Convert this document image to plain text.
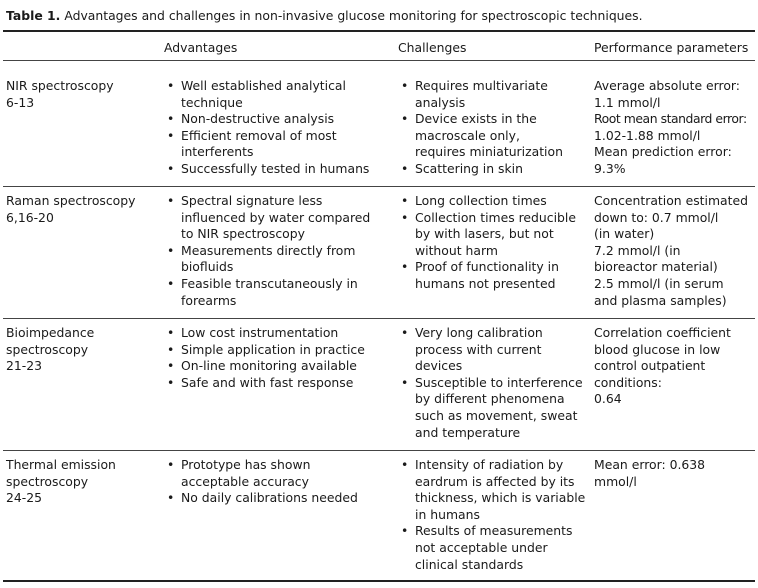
Table 1. Advantages and challenges in non-invasive glucose monitoring for spectroscopic techniques.
Advantages	Challenges	Performance parameters
NIR spectroscopy
6-13
• Well established analytical
technique
• Non-destructive analysis
• Efficient removal of most
interferents
• Successfully tested in humans
• Requires multivariate
analysis
• Device exists in the
macroscale only,
requires miniaturization
• Scattering in skin
Average absolute error:
1.1 mmol/l
Root mean standard error:
1.02-1.88 mmol/l
Mean prediction error:
9.3%
Raman spectroscopy
6,16-20
• Spectral signature less
influenced by water compared
to NIR spectroscopy
• Measurements directly from
biofluids
• Feasible transcutaneously in
forearms
• Long collection times
• Collection times reducible
by with lasers, but not
without harm
• Proof of functionality in
humans not presented
Concentration estimated
down to: 0.7 mmol/l
(in water)
7.2 mmol/l (in
bioreactor material)
2.5 mmol/l (in serum
and plasma samples)
Bioimpedance
spectroscopy
21-23
• Low cost instrumentation
• Simple application in practice
• On-line monitoring available
• Safe and with fast response
• Very long calibration
process with current
devices
• Susceptible to interference
by different phenomena
such as movement, sweat
and temperature
Correlation coefficient
blood glucose in low
control outpatient
conditions:
0.64
Thermal emission
spectroscopy
24-25
• Prototype has shown
acceptable accuracy
• No daily calibrations needed
• Intensity of radiation by
eardrum is affected by its
thickness, which is variable
in humans
• Results of measurements
not acceptable under
clinical standards
Mean error: 0.638
mmol/l
